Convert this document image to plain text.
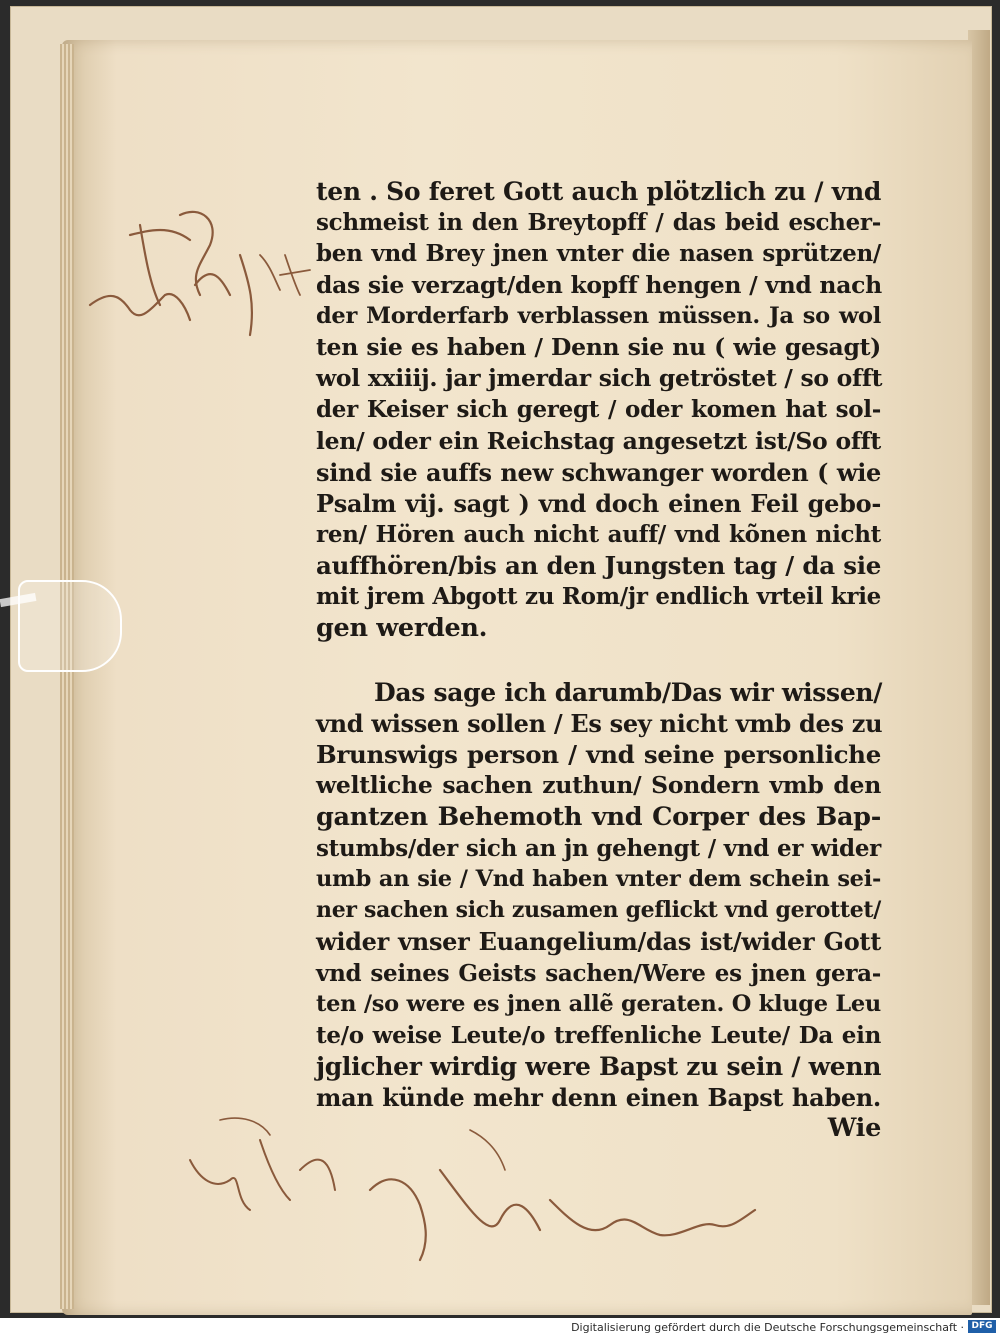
ten . So feret Gott auch plötzlich zu / vnd
schmeist in den Breytopff / das beid escher-
ben vnd Brey jnen vnter die nasen sprützen/
das sie verzagt/den kopff hengen / vnd nach
der Morderfarb verblassen müssen. Ja so wol
ten sie es haben / Denn sie nu ( wie gesagt)
wol xxiiij. jar jmerdar sich getröstet / so offt
der Keiser sich geregt / oder komen hat sol-
len/ oder ein Reichstag angesetzt ist/So offt
sind sie auffs new schwanger worden ( wie
Psalm vij. sagt ) vnd doch einen Feil gebo-
ren/ Hören auch nicht auff/ vnd kõnen nicht
auffhören/bis an den Jungsten tag / da sie
mit jrem Abgott zu Rom/jr endlich vrteil krie
gen werden.
Das sage ich darumb/Das wir wissen/
vnd wissen sollen / Es sey nicht vmb des zu
Brunswigs person / vnd seine personliche
weltliche sachen zuthun/ Sondern vmb den
gantzen Behemoth vnd Corper des Bap-
stumbs/der sich an jn gehengt / vnd er wider
umb an sie / Vnd haben vnter dem schein sei-
ner sachen sich zusamen geflickt vnd gerottet/
wider vnser Euangelium/das ist/wider Gott
vnd seines Geists sachen/Were es jnen gera-
ten /so were es jnen allẽ geraten. O kluge Leu
te/o weise Leute/o treffenliche Leute/ Da ein
jglicher wirdig were Bapst zu sein / wenn
man künde mehr denn einen Bapst haben.
Wie
Digitalisierung gefördert durch die Deutsche Forschungsgemeinschaft · DFG
